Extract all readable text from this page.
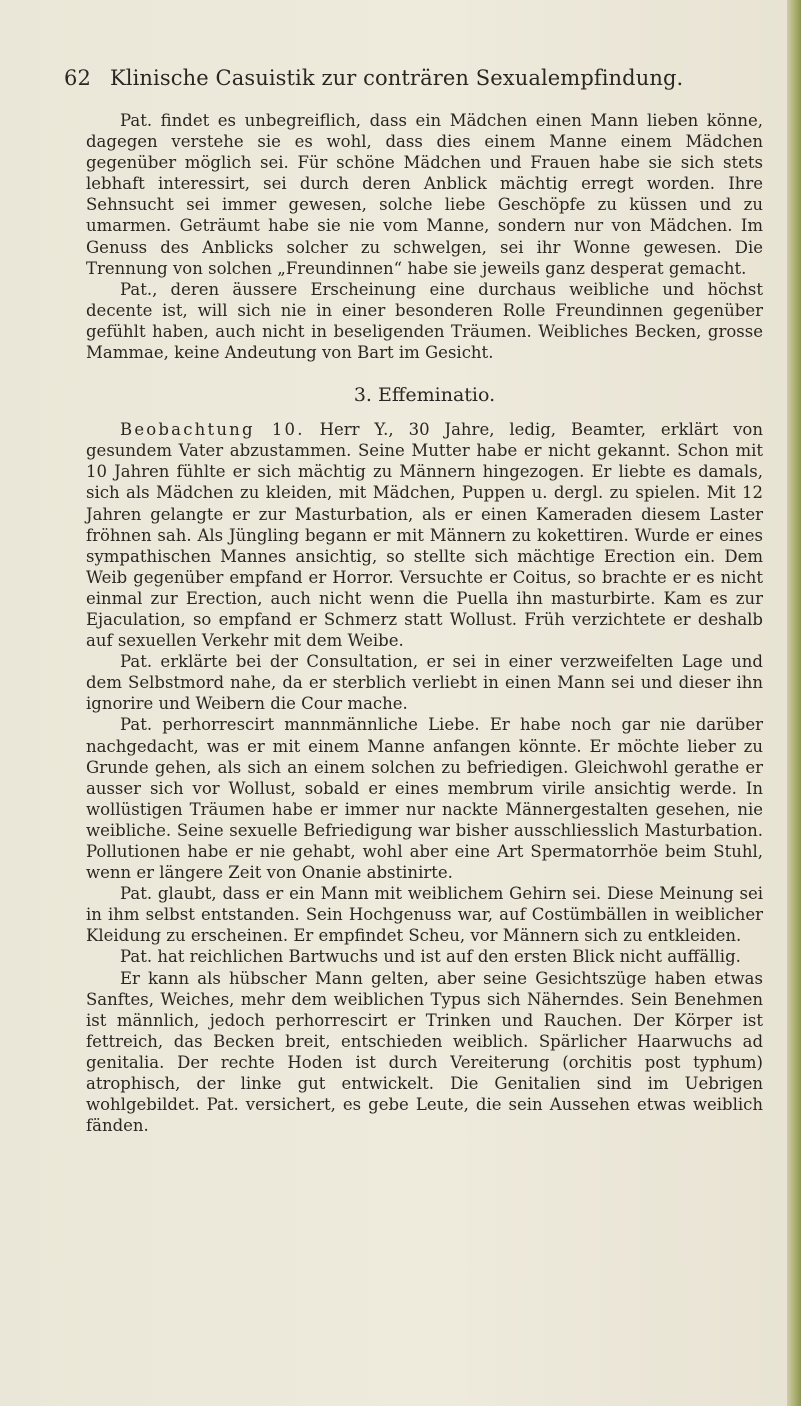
62 Klinische Casuistik zur conträren Sexualempfindung.

Pat. findet es unbegreiflich, dass ein Mädchen einen Mann lieben könne, dagegen verstehe sie es wohl, dass dies einem Manne einem Mädchen gegenüber möglich sei. Für schöne Mädchen und Frauen habe sie sich stets lebhaft interessirt, sei durch deren Anblick mächtig erregt worden. Ihre Sehnsucht sei immer gewesen, solche liebe Geschöpfe zu küssen und zu umarmen. Geträumt habe sie nie vom Manne, sondern nur von Mädchen. Im Genuss des Anblicks solcher zu schwelgen, sei ihr Wonne gewesen. Die Trennung von solchen „Freundinnen“ habe sie jeweils ganz desperat gemacht.

Pat., deren äussere Erscheinung eine durchaus weibliche und höchst decente ist, will sich nie in einer besonderen Rolle Freundinnen gegenüber gefühlt haben, auch nicht in beseligenden Träumen. Weibliches Becken, grosse Mammae, keine Andeutung von Bart im Gesicht.

3. Effeminatio.

Beobachtung 10. Herr Y., 30 Jahre, ledig, Beamter, erklärt von gesundem Vater abzustammen. Seine Mutter habe er nicht gekannt. Schon mit 10 Jahren fühlte er sich mächtig zu Männern hingezogen. Er liebte es damals, sich als Mädchen zu kleiden, mit Mädchen, Puppen u. dergl. zu spielen. Mit 12 Jahren gelangte er zur Masturbation, als er einen Kameraden diesem Laster fröhnen sah. Als Jüngling begann er mit Männern zu kokettiren. Wurde er eines sympathischen Mannes ansichtig, so stellte sich mächtige Erection ein. Dem Weib gegenüber empfand er Horror. Versuchte er Coitus, so brachte er es nicht einmal zur Erection, auch nicht wenn die Puella ihn masturbirte. Kam es zur Ejaculation, so empfand er Schmerz statt Wollust. Früh verzichtete er deshalb auf sexuellen Verkehr mit dem Weibe.

Pat. erklärte bei der Consultation, er sei in einer verzweifelten Lage und dem Selbstmord nahe, da er sterblich verliebt in einen Mann sei und dieser ihn ignorire und Weibern die Cour mache.

Pat. perhorrescirt mannmännliche Liebe. Er habe noch gar nie darüber nachgedacht, was er mit einem Manne anfangen könnte. Er möchte lieber zu Grunde gehen, als sich an einem solchen zu befriedigen. Gleichwohl gerathe er ausser sich vor Wollust, sobald er eines membrum virile ansichtig werde. In wollüstigen Träumen habe er immer nur nackte Männergestalten gesehen, nie weibliche. Seine sexuelle Befriedigung war bisher ausschliesslich Masturbation. Pollutionen habe er nie gehabt, wohl aber eine Art Spermatorrhöe beim Stuhl, wenn er längere Zeit von Onanie abstinirte.

Pat. glaubt, dass er ein Mann mit weiblichem Gehirn sei. Diese Meinung sei in ihm selbst entstanden. Sein Hochgenuss war, auf Costümbällen in weiblicher Kleidung zu erscheinen. Er empfindet Scheu, vor Männern sich zu entkleiden.

Pat. hat reichlichen Bartwuchs und ist auf den ersten Blick nicht auffällig.

Er kann als hübscher Mann gelten, aber seine Gesichtszüge haben etwas Sanftes, Weiches, mehr dem weiblichen Typus sich Näherndes. Sein Benehmen ist männlich, jedoch perhorrescirt er Trinken und Rauchen. Der Körper ist fettreich, das Becken breit, entschieden weiblich. Spärlicher Haarwuchs ad genitalia. Der rechte Hoden ist durch Vereiterung (orchitis post typhum) atrophisch, der linke gut entwickelt. Die Genitalien sind im Uebrigen wohlgebildet. Pat. versichert, es gebe Leute, die sein Aussehen etwas weiblich fänden.
